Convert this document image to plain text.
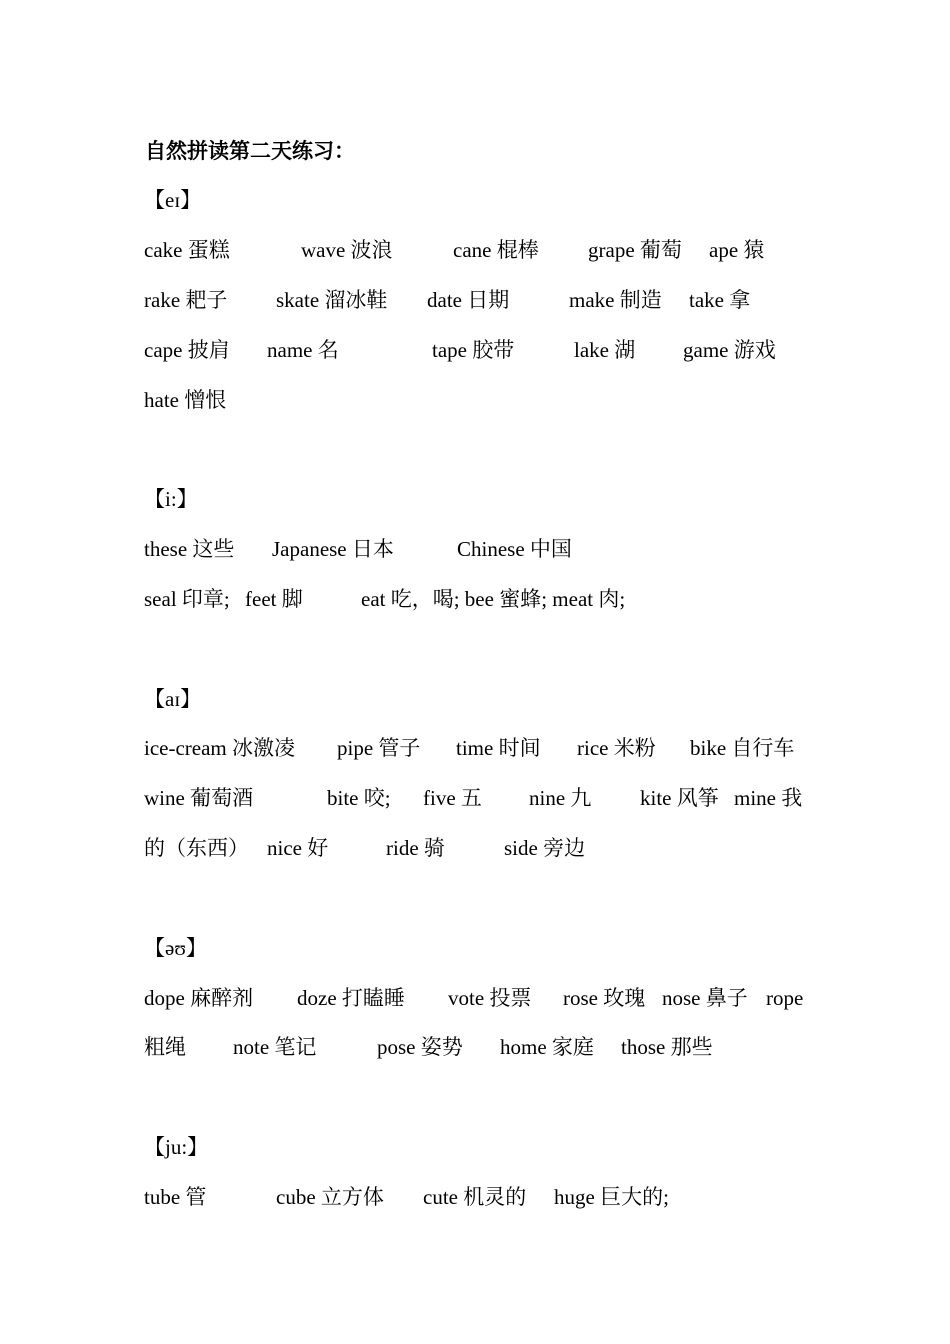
自然拼读第二天练习：
【eɪ】
cake 蛋糕	wave 波浪	cane 棍棒 grape 葡萄 ape 猿
rake 耙子 skate 溜冰鞋 date 日期	make 制造 take 拿
cape 披肩 name 名	tape 胶带	lake 湖 game 游戏
hate 憎恨
【i:】
these 这些 Japanese 日本	Chinese 中国
seal 印章; feet 脚	eat 吃，喝; bee 蜜蜂; meat 肉;
【aɪ】
ice-cream 冰激凌 pipe 管子 time 时间 rice 米粉 bike 自行车
wine 葡萄酒	bite 咬; five 五 nine 九 kite 风筝 mine 我
的（东西） nice 好	ride 骑	side 旁边
【əʊ】
dope 麻醉剂 doze 打瞌睡 vote 投票 rose 玫瑰 nose 鼻子 rope
粗绳 note 笔记	pose 姿势 home 家庭 those 那些
【ju:】
tube 管	cube 立方体 cute 机灵的 huge 巨大的;
